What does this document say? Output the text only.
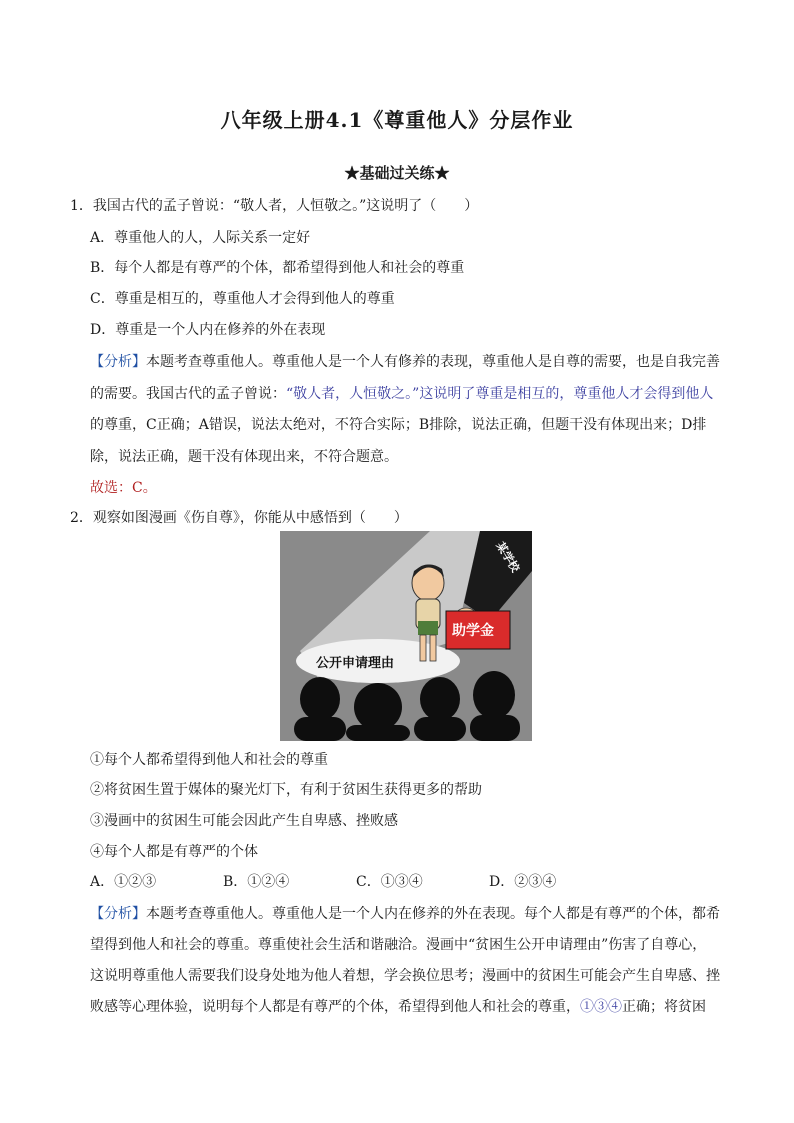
八年级上册4.1《尊重他人》分层作业
★基础过关练★
1．我国古代的孟子曾说：“敬人者，人恒敬之。”这说明了（　　）
A．尊重他人的人，人际关系一定好
B．每个人都是有尊严的个体，都希望得到他人和社会的尊重
C．尊重是相互的，尊重他人才会得到他人的尊重
D．尊重是一个人内在修养的外在表现
【分析】本题考查尊重他人。尊重他人是一个人有修养的表现，尊重他人是自尊的需要，也是自我完善
的需要。我国古代的孟子曾说：“敬人者，人恒敬之。”这说明了尊重是相互的，尊重他人才会得到他人
的尊重，C正确；A错误，说法太绝对，不符合实际；B排除，说法正确，但题干没有体现出来；D排
除，说法正确，题干没有体现出来，不符合题意。
故选：C。
2．观察如图漫画《伤自尊》，你能从中感悟到（　　）
公开申请理由
某学校
助学金
①每个人都希望得到他人和社会的尊重
②将贫困生置于媒体的聚光灯下，有利于贫困生获得更多的帮助
③漫画中的贫困生可能会因此产生自卑感、挫败感
④每个人都是有尊严的个体
A．①②③	B．①②④	C．①③④	D．②③④
【分析】本题考查尊重他人。尊重他人是一个人内在修养的外在表现。每个人都是有尊严的个体，都希
望得到他人和社会的尊重。尊重使社会生活和谐融洽。漫画中“贫困生公开申请理由”伤害了自尊心，
这说明尊重他人需要我们设身处地为他人着想，学会换位思考；漫画中的贫困生可能会产生自卑感、挫
败感等心理体验，说明每个人都是有尊严的个体，希望得到他人和社会的尊重，①③④正确；将贫困
